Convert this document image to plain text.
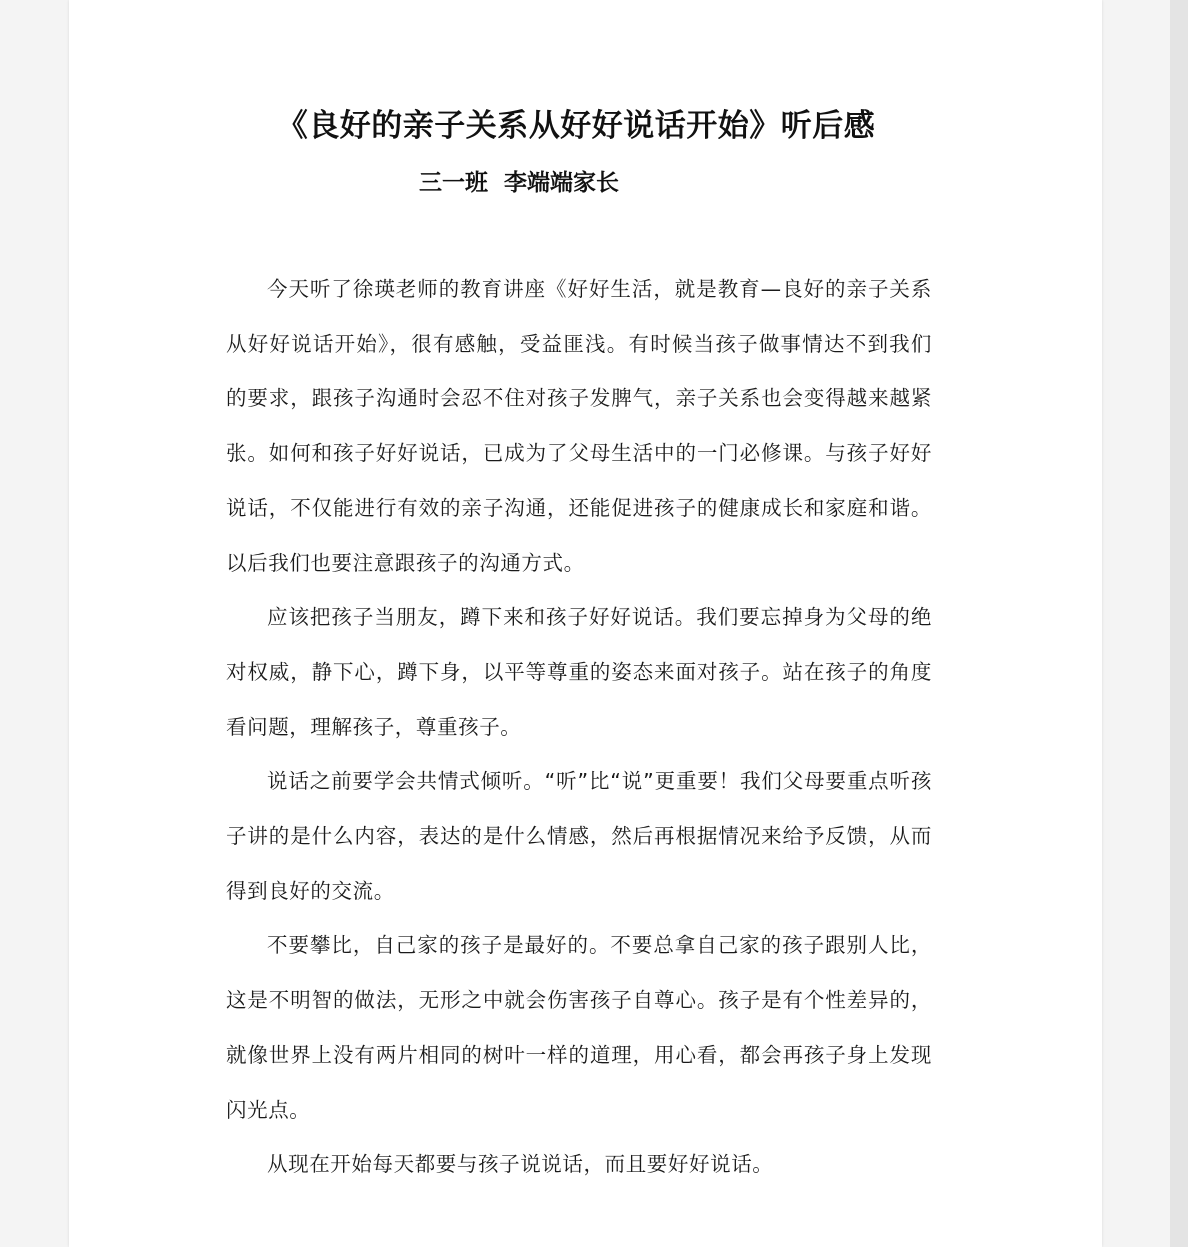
《良好的亲子关系从好好说话开始》听后感
三一班  李端端家长

今天听了徐瑛老师的教育讲座《好好生活，就是教育—良好的亲子关系从好好说话开始》，很有感触，受益匪浅。有时候当孩子做事情达不到我们的要求，跟孩子沟通时会忍不住对孩子发脾气，亲子关系也会变得越来越紧张。如何和孩子好好说话，已成为了父母生活中的一门必修课。与孩子好好说话，不仅能进行有效的亲子沟通，还能促进孩子的健康成长和家庭和谐。以后我们也要注意跟孩子的沟通方式。

应该把孩子当朋友，蹲下来和孩子好好说话。我们要忘掉身为父母的绝对权威，静下心，蹲下身，以平等尊重的姿态来面对孩子。站在孩子的角度看问题，理解孩子，尊重孩子。

说话之前要学会共情式倾听。“听”比“说”更重要！我们父母要重点听孩子讲的是什么内容，表达的是什么情感，然后再根据情况来给予反馈，从而得到良好的交流。

不要攀比，自己家的孩子是最好的。不要总拿自己家的孩子跟别人比，这是不明智的做法，无形之中就会伤害孩子自尊心。孩子是有个性差异的，就像世界上没有两片相同的树叶一样的道理，用心看，都会再孩子身上发现闪光点。

从现在开始每天都要与孩子说说话，而且要好好说话。
